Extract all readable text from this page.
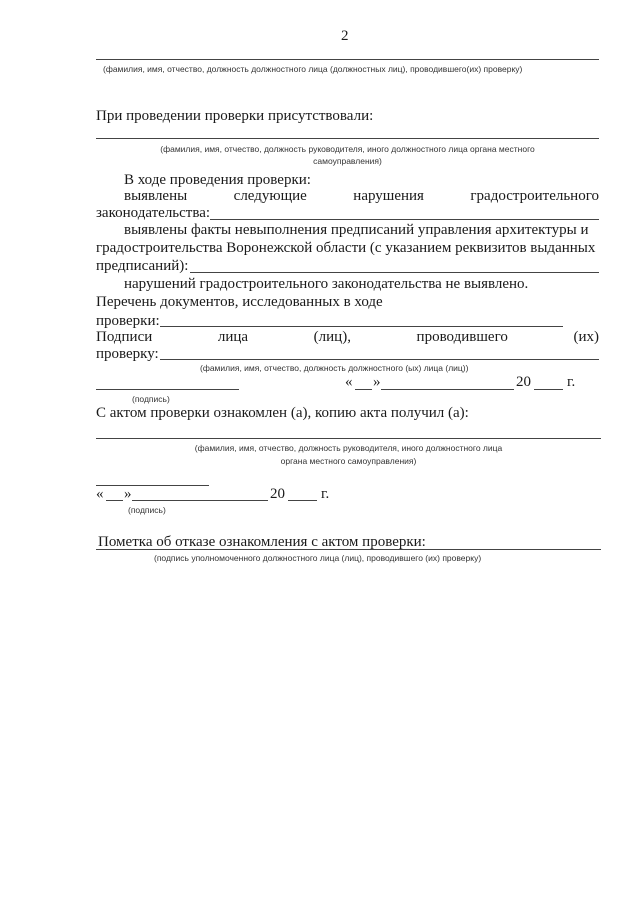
2
(фамилия, имя, отчество, должность должностного лица (должностных лиц), проводившего(их) проверку)
При проведении проверки присутствовали:
(фамилия, имя, отчество, должность руководителя, иного должностного лица органа местного
самоуправления)
В ходе проведения проверки:
выявлены	следующие	нарушения	градостроительного
законодательства:
выявлены факты невыполнения предписаний управления архитектуры и
градостроительства Воронежской области (с указанием реквизитов выданных
предписаний):
нарушений градостроительного законодательства не выявлено.
Перечень документов, исследованных в ходе
проверки:
Подписи	лица	(лиц),	проводившего	(их)
проверку:
(фамилия, имя, отчество, должность должностного (ых) лица (лиц))
« »	20 г.
(подпись)
С актом проверки ознакомлен (а), копию акта получил (а):
(фамилия, имя, отчество, должность руководителя, иного должностного лица
органа местного самоуправления)
« »	20 г.
(подпись)
Пометка об отказе ознакомления с актом проверки:
(подпись уполномоченного должностного лица (лиц), проводившего (их) проверку)
